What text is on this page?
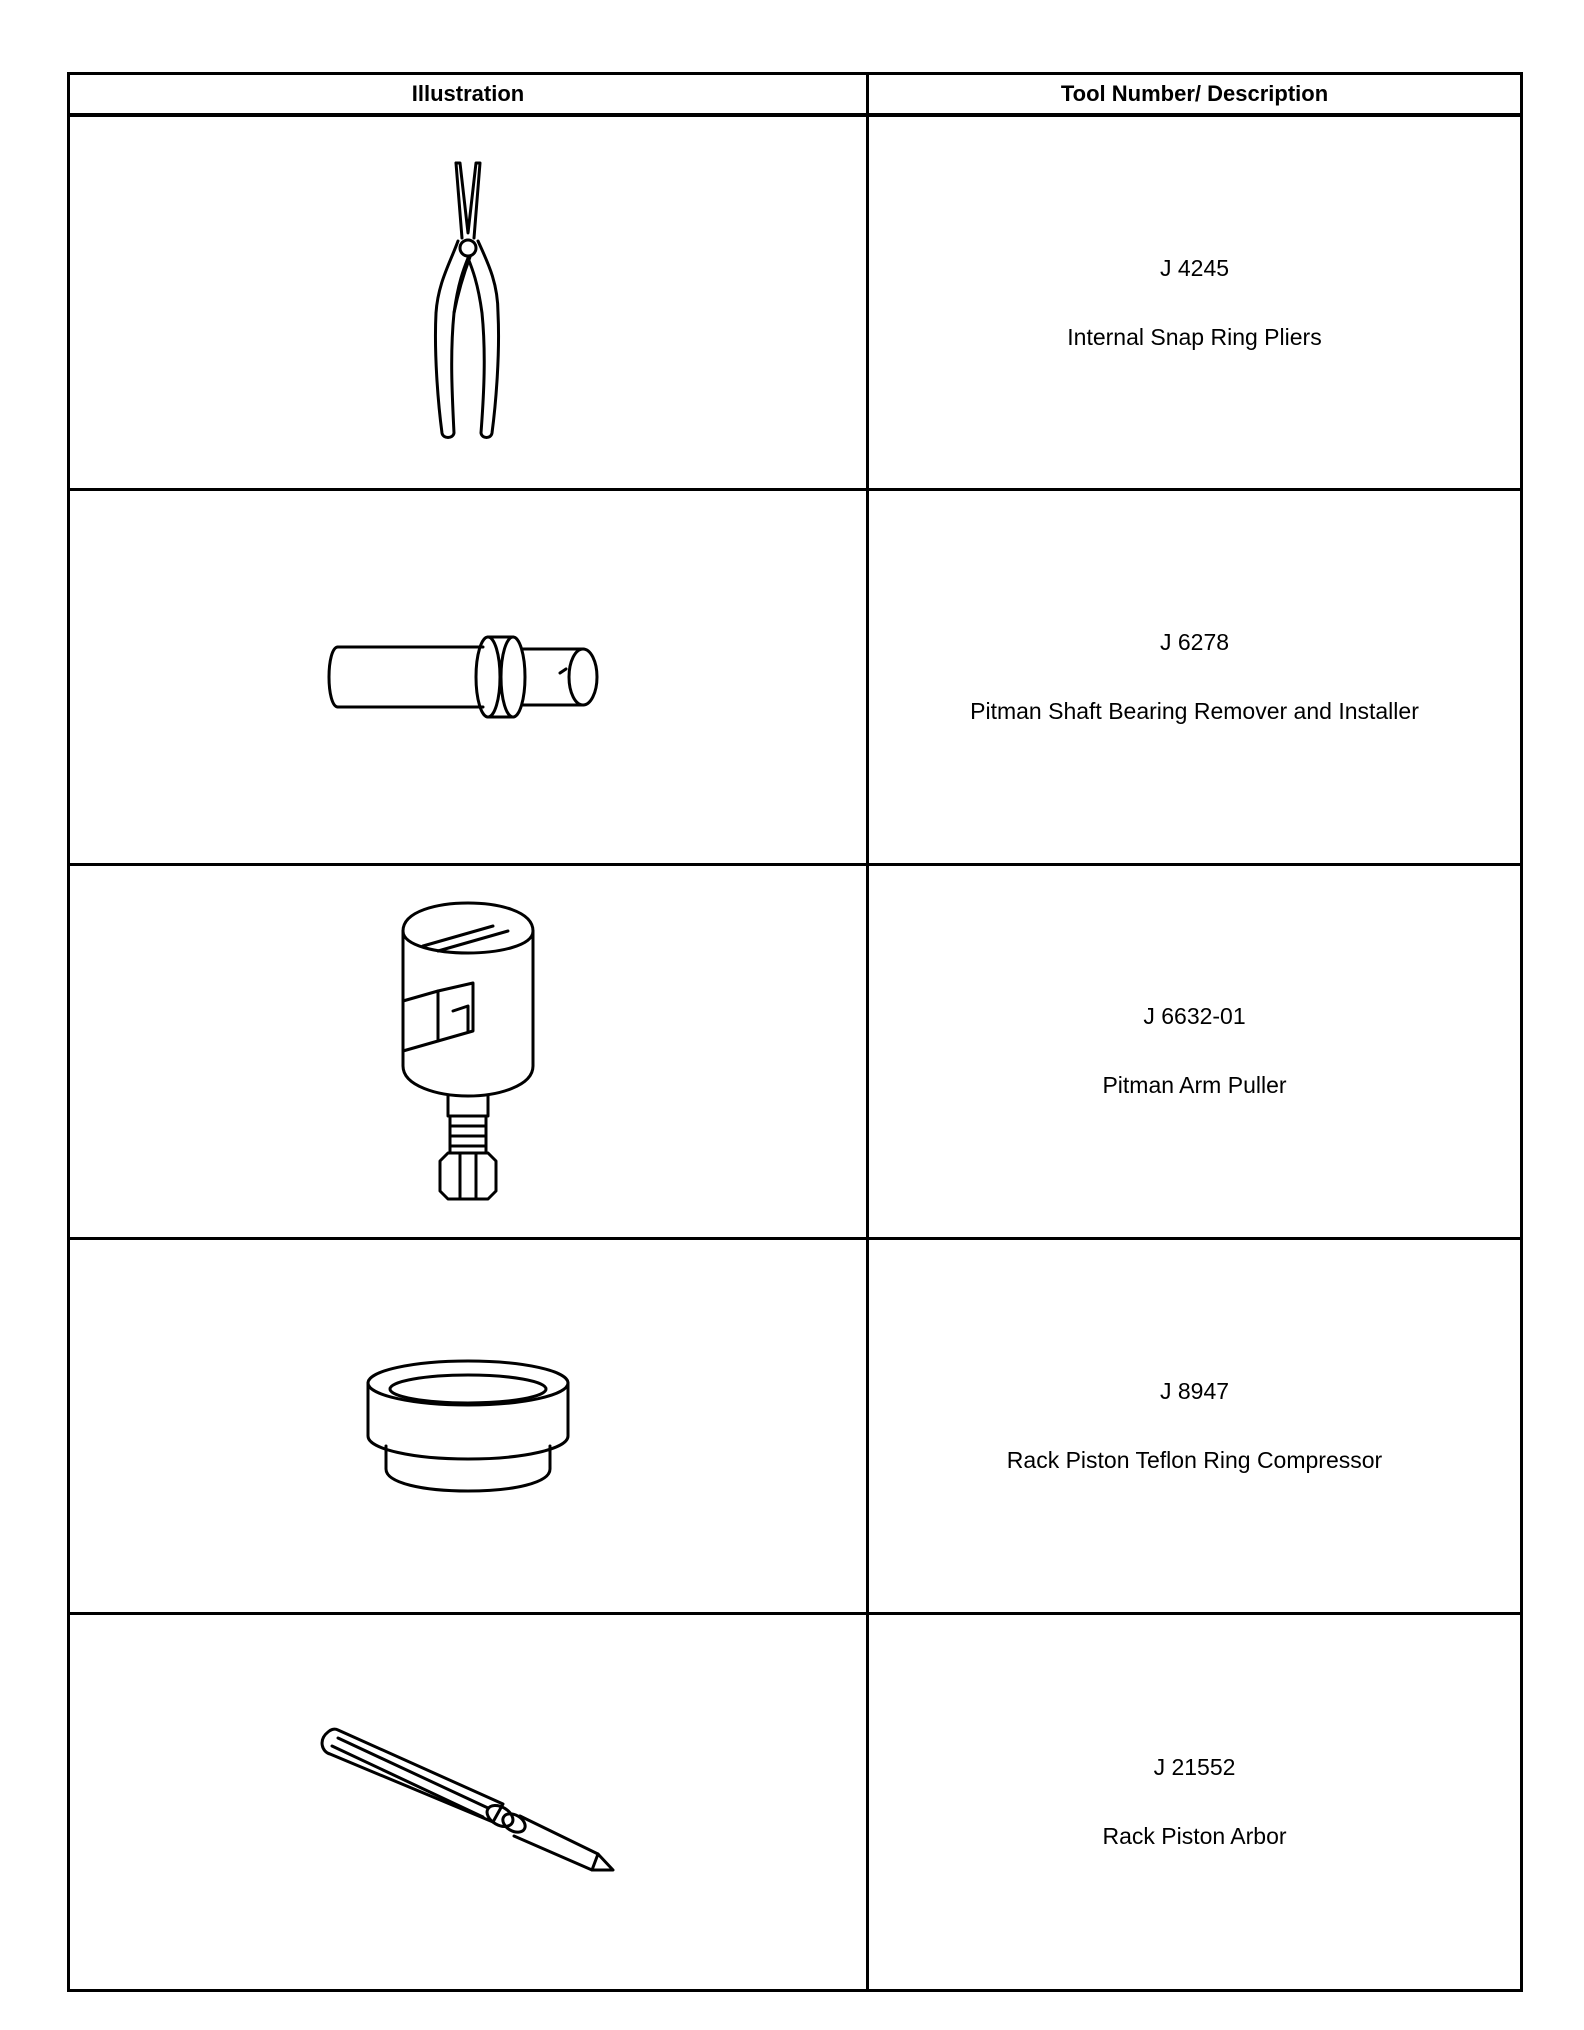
Illustration	Tool Number/ Description
J 4245
Internal Snap Ring Pliers
J 6278
Pitman Shaft Bearing Remover and Installer
J 6632-01
Pitman Arm Puller
J 8947
Rack Piston Teflon Ring Compressor
J 21552
Rack Piston Arbor
